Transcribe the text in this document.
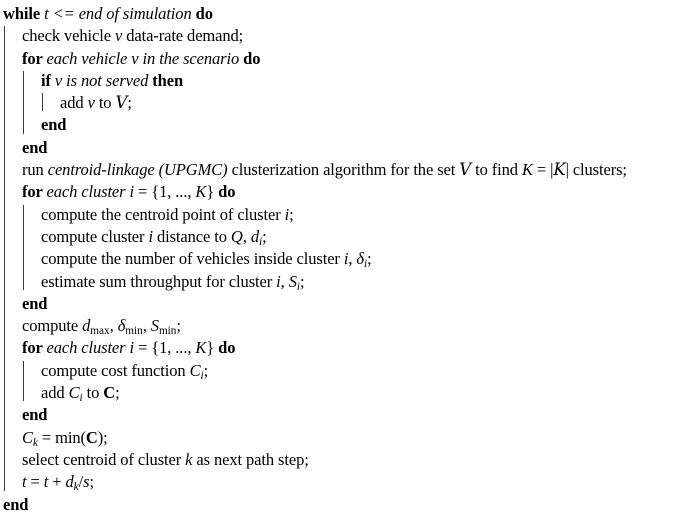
while t <= end of simulation do
check vehicle v data-rate demand;
for each vehicle v in the scenario do
if v is not served then
add v to V;
end
end
run centroid-linkage (UPGMC) clusterization algorithm for the set V to find K = |K| clusters;
for each cluster i = {1, ..., K} do
compute the centroid point of cluster i;
compute cluster i distance to Q, di;
compute the number of vehicles inside cluster i, δi;
estimate sum throughput for cluster i, Si;
end
compute dmax, δmin, Smin;
for each cluster i = {1, ..., K} do
compute cost function Ci;
add Ci to C;
end
Ck = min(C);
select centroid of cluster k as next path step;
t = t + dk/s;
end
